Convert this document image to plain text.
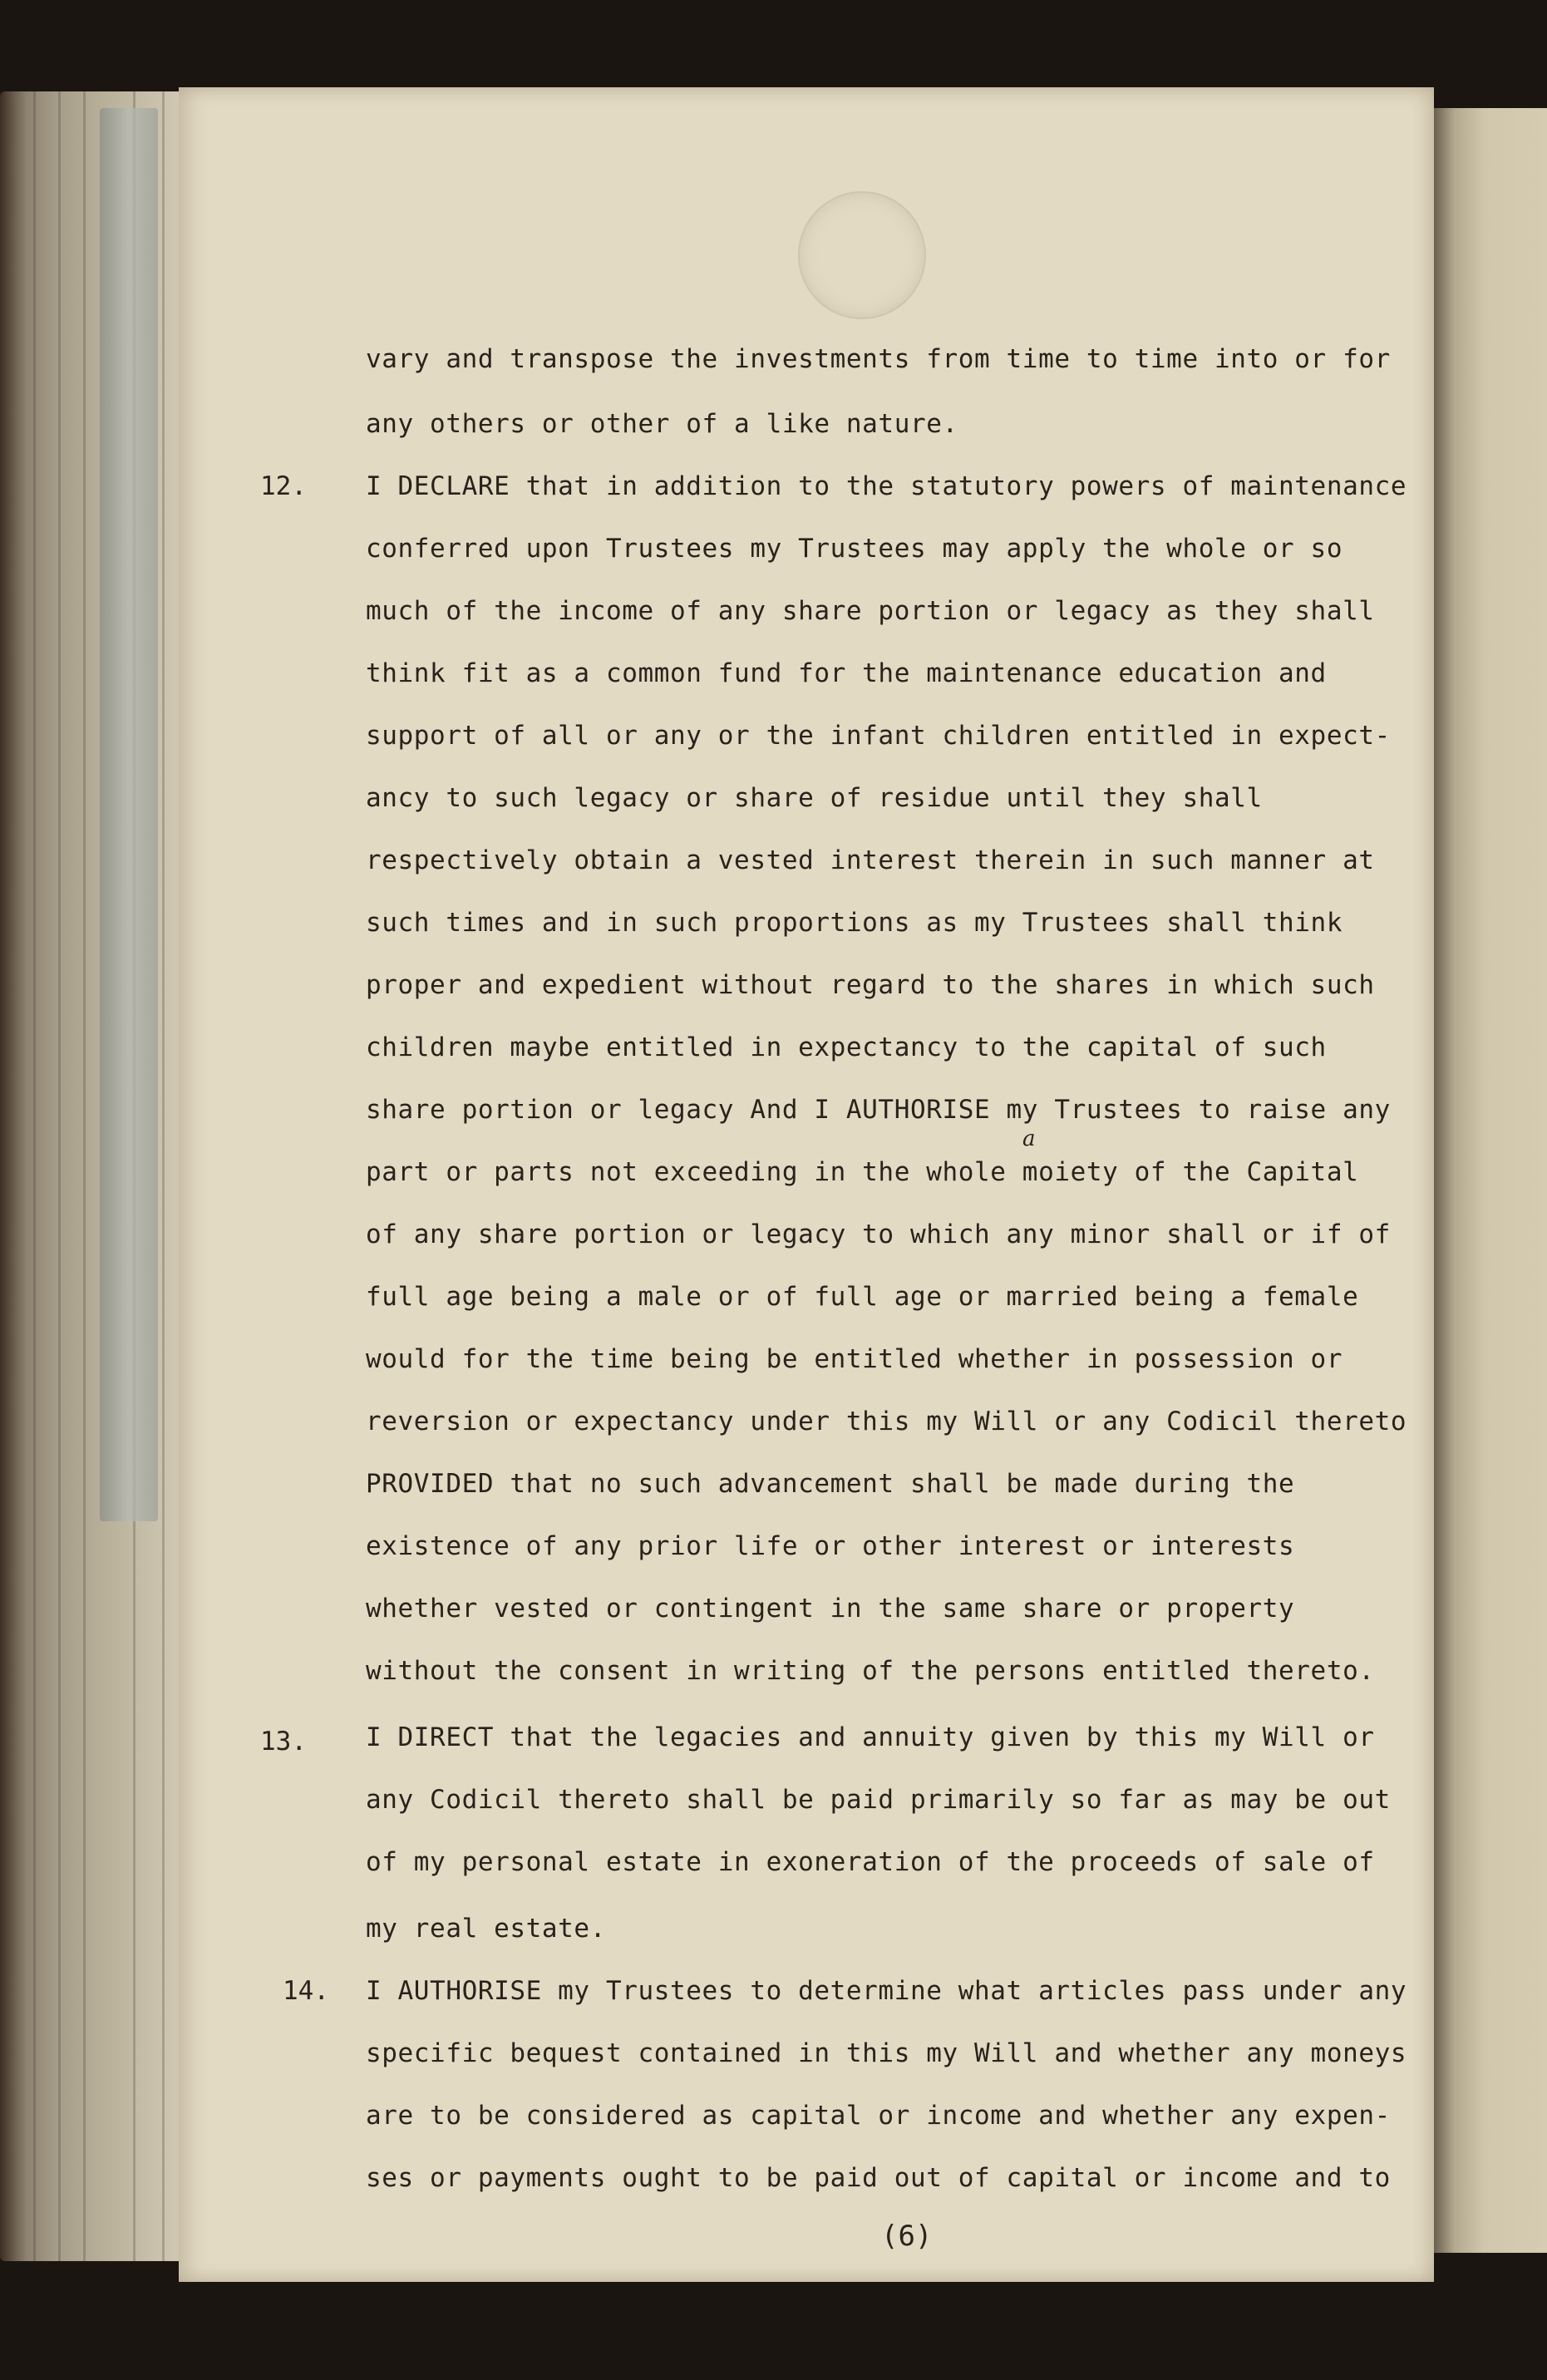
vary and transpose the investments from time to time into or for
any others or other of a like nature.
12. I DECLARE that in addition to the statutory powers of maintenance
conferred upon Trustees my Trustees may apply the whole or so
much of the income of any share portion or legacy as they shall
think fit as a common fund for the maintenance education and
support of all or any or the infant children entitled in expect-
ancy to such legacy or share of residue until they shall
respectively obtain a vested interest therein in such manner at
such times and in such proportions as my Trustees shall think
proper and expedient without regard to the shares in which such
children maybe entitled in expectancy to the capital of such
share portion or legacy And I AUTHORISE my Trustees to raise any
a
part or parts not exceeding in the whole moiety of the Capital
of any share portion or legacy to which any minor shall or if of
full age being a male or of full age or married being a female
would for the time being be entitled whether in possession or
reversion or expectancy under this my Will or any Codicil thereto
PROVIDED that no such advancement shall be made during the
existence of any prior life or other interest or interests
whether vested or contingent in the same share or property
without the consent in writing of the persons entitled thereto.
13. I DIRECT that the legacies and annuity given by this my Will or
any Codicil thereto shall be paid primarily so far as may be out
of my personal estate in exoneration of the proceeds of sale of
my real estate.
14. I AUTHORISE my Trustees to determine what articles pass under any
specific bequest contained in this my Will and whether any moneys
are to be considered as capital or income and whether any expen-
ses or payments ought to be paid out of capital or income and to
(6)
